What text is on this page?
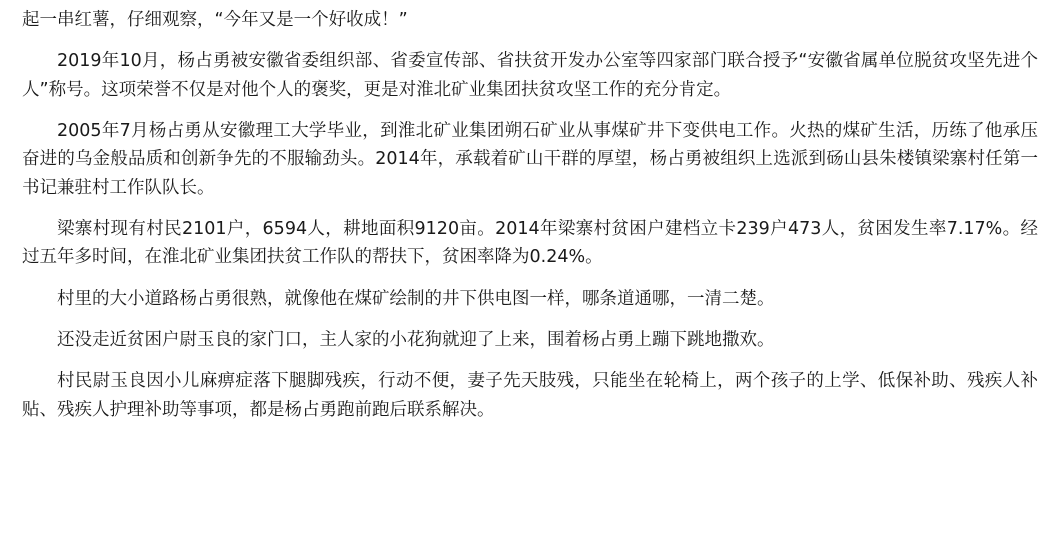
起一串红薯，仔细观察，“今年又是一个好收成！”

2019年10月，杨占勇被安徽省委组织部、省委宣传部、省扶贫开发办公室等四家部门联合授予“安徽省属单位脱贫攻坚先进个人”称号。这项荣誉不仅是对他个人的褒奖，更是对淮北矿业集团扶贫攻坚工作的充分肯定。

2005年7月杨占勇从安徽理工大学毕业，到淮北矿业集团朔石矿业从事煤矿井下变供电工作。火热的煤矿生活，历练了他承压奋进的乌金般品质和创新争先的不服输劲头。2014年，承载着矿山干群的厚望，杨占勇被组织上选派到砀山县朱楼镇梁寨村任第一书记兼驻村工作队队长。

梁寨村现有村民2101户，6594人，耕地面积9120亩。2014年梁寨村贫困户建档立卡239户473人，贫困发生率7.17%。经过五年多时间，在淮北矿业集团扶贫工作队的帮扶下，贫困率降为0.24%。

村里的大小道路杨占勇很熟，就像他在煤矿绘制的井下供电图一样，哪条道通哪，一清二楚。

还没走近贫困户尉玉良的家门口，主人家的小花狗就迎了上来，围着杨占勇上蹦下跳地撒欢。

村民尉玉良因小儿麻痹症落下腿脚残疾，行动不便，妻子先天肢残，只能坐在轮椅上，两个孩子的上学、低保补助、残疾人补贴、残疾人护理补助等事项，都是杨占勇跑前跑后联系解决。
